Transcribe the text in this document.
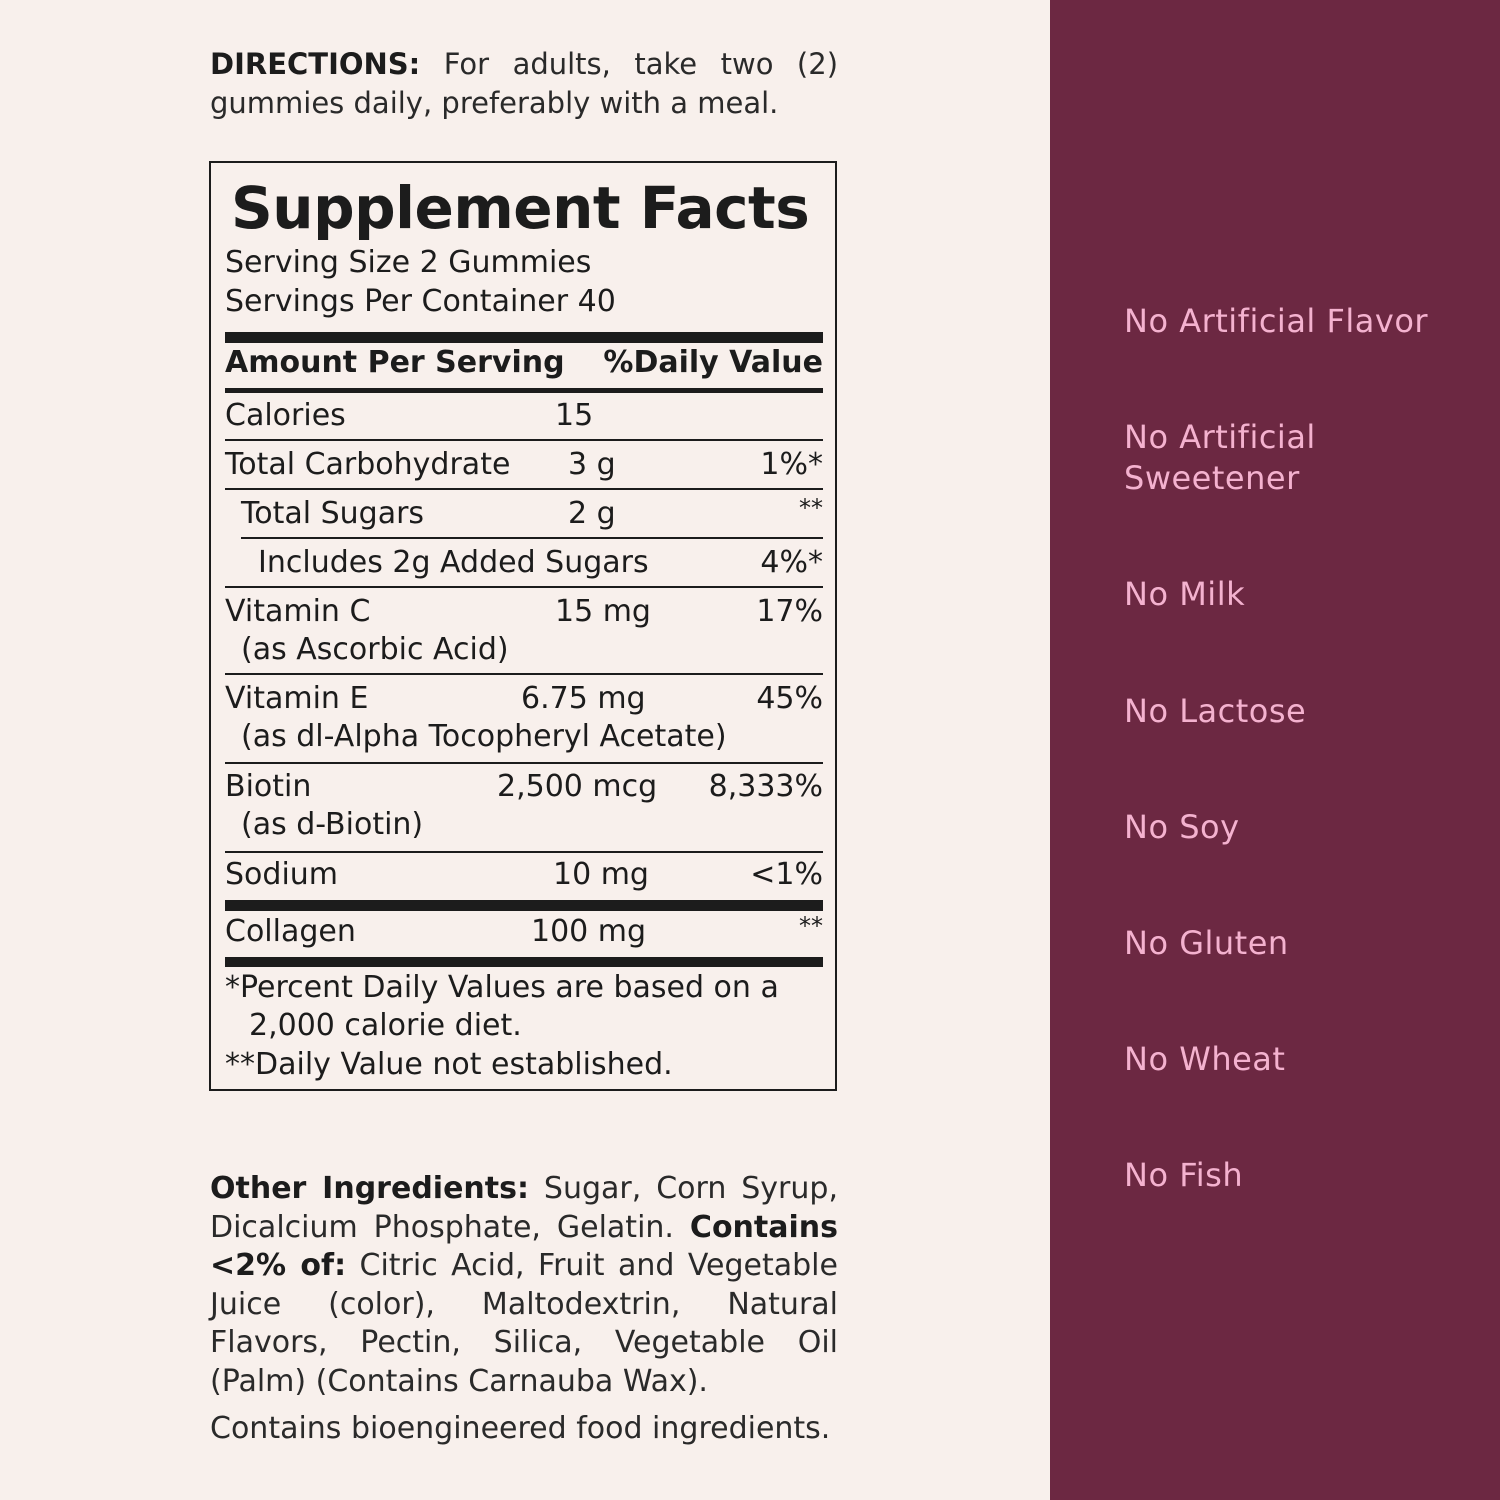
DIRECTIONS: For adults, take two (2) gummies daily, preferably with a meal.
Supplement Facts
Serving Size 2 Gummies
Servings Per Container 40
Amount Per Serving %Daily Value
Calories	15
Total Carbohydrate 3 g	1%*
Total Sugars	2 g	**
Includes 2g Added Sugars	4%*
Vitamin C
(as Ascorbic Acid)
15 mg	17%
Vitamin E
(as dl-Alpha Tocopheryl Acetate)
6.75 mg	45%
Biotin
(as d-Biotin)
2,500 mcg 8,333%
Sodium	10 mg	<1%
Collagen	100 mg	**
*Percent Daily Values are based on a
2,000 calorie diet.
**Daily Value not established.
Other Ingredients: Sugar, Corn Syrup, Dicalcium Phosphate, Gelatin. Contains <2% of: Citric Acid, Fruit and Vegetable Juice (color), Maltodextrin, Natural Flavors, Pectin, Silica, Vegetable Oil (Palm) (Contains Carnauba Wax).
Contains bioengineered food ingredients.
No Artificial Flavor
No Artificial Sweetener
No Milk
No Lactose
No Soy
No Gluten
No Wheat
No Fish
